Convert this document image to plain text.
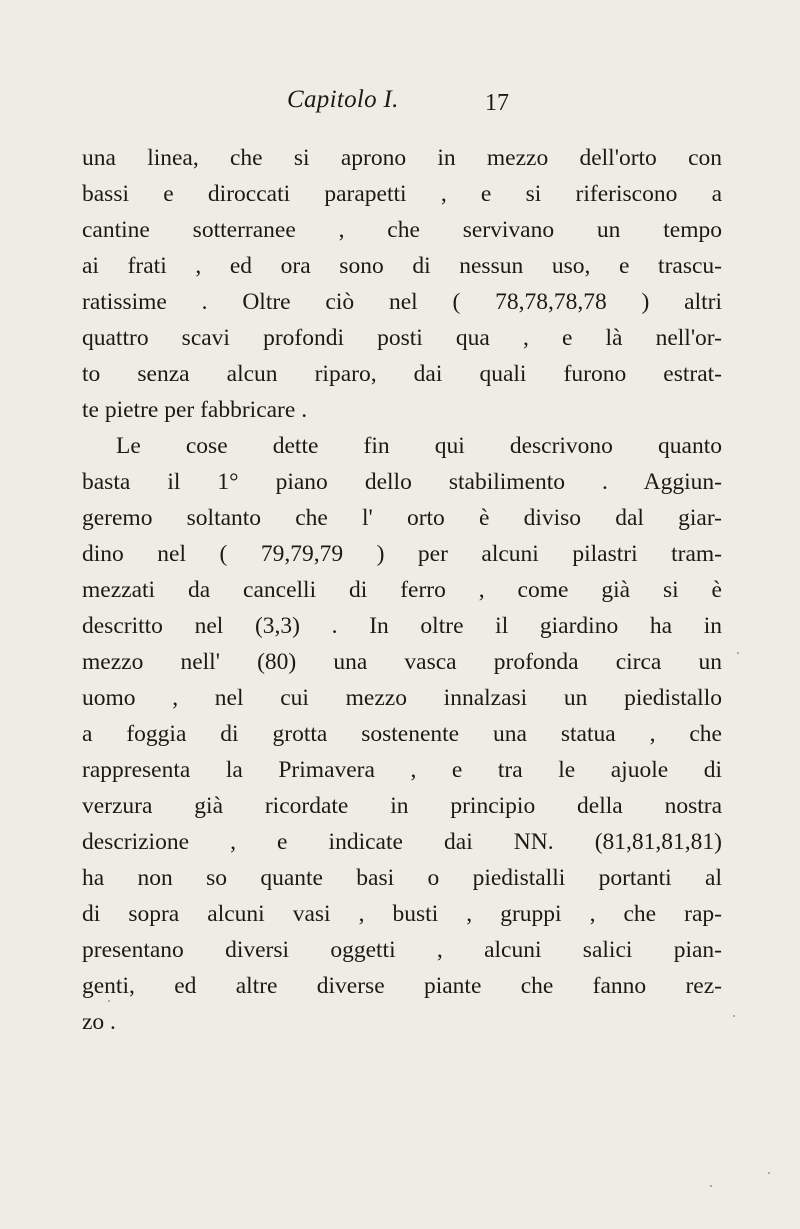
Capitolo I.	17
una linea, che si aprono in mezzo dell'orto con
bassi e diroccati parapetti , e si riferiscono a
cantine sotterranee , che servivano un tempo
ai frati , ed ora sono di nessun uso, e trascu-
ratissime . Oltre ciò nel ( 78,78,78,78 ) altri
quattro scavi profondi posti qua , e là nell'or-
to senza alcun riparo, dai quali furono estrat-
te pietre per fabbricare .
Le cose dette fin qui descrivono quanto
basta il 1° piano dello stabilimento . Aggiun-
geremo soltanto che l' orto è diviso dal giar-
dino nel ( 79,79,79 ) per alcuni pilastri tram-
mezzati da cancelli di ferro , come già si è
descritto nel (3,3) . In oltre il giardino ha in
mezzo nell' (80) una vasca profonda circa un
uomo , nel cui mezzo innalzasi un piedistallo
a foggia di grotta sostenente una statua , che
rappresenta la Primavera , e tra le ajuole di
verzura già ricordate in principio della nostra
descrizione , e indicate dai NN. (81,81,81,81)
ha non so quante basi o piedistalli portanti al
di sopra alcuni vasi , busti , gruppi , che rap-
presentano diversi oggetti , alcuni salici pian-
genti, ed altre diverse piante che fanno rez-
zo .
